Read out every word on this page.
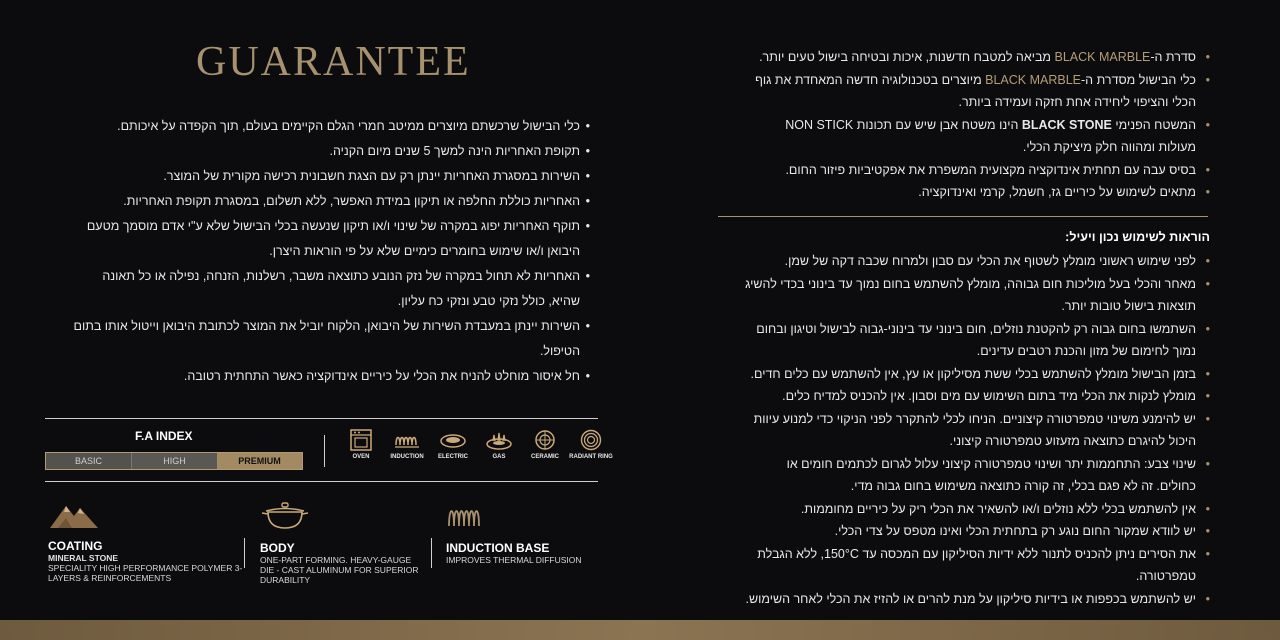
GUARANTEE
• כלי הבישול שרכשתם מיוצרים ממיטב חמרי הגלם הקיימים בעולם, תוך הקפדה על איכותם.
• תקופת האחריות הינה למשך 5 שנים מיום הקניה.
• השירות במסגרת האחריות יינתן רק עם הצגת חשבונית רכישה מקורית של המוצר.
• האחריות כוללת החלפה או תיקון במידת האפשר, ללא תשלום, במסגרת תקופת האחריות.
• תוקף האחריות יפוג במקרה של שינוי ו/או תיקון שנעשה בכלי הבישול שלא ע"י אדם מוסמך מטעם היבואן ו/או שימוש בחומרים כימיים שלא על פי הוראות היצרן.
• האחריות לא תחול במקרה של נזק הנובע כתוצאה משבר, רשלנות, הזנחה, נפילה או כל תאונה שהיא, כולל נזקי טבע ונזקי כח עליון.
• השירות יינתן במעבדת השירות של היבואן, הלקוח יוביל את המוצר לכתובת היבואן וייטול אותו בתום הטיפול.
• חל איסור מוחלט להניח את הכלי על כיריים אינדוקציה כאשר התחתית רטובה.
F.A INDEX
BASIC	HIGH	PREMIUM	OVEN	INDUCTION	ELECTRIC	GAS	CERAMIC	RADIANT RING
COATING
MINERAL STONE
SPECIALITY HIGH PERFORMANCE POLYMER 3-LAYERS & REINFORCEMENTS
BODY
ONE-PART FORMING. HEAVY-GAUGE DIE - CAST ALUMINUM FOR SUPERIOR DURABILITY
INDUCTION BASE
IMPROVES THERMAL DIFFUSION
• סדרת ה-BLACK MARBLE מביאה למטבח חדשנות, איכות ובטיחה בישול טעים יותר.
• כלי הבישול מסדרת ה-BLACK MARBLE מיוצרים בטכנולוגיה חדשה המאחדת את גוף הכלי והציפוי ליחידה אחת חזקה ועמידה ביותר.
• המשטח הפנימי BLACK STONE הינו משטח אבן שיש עם תכונות NON STICK מעולות ומהווה חלק מיציקת הכלי.
• בסיס עבה עם תחתית אינדוקציה מקצועית המשפרת את אפקטיביות פיזור החום.
• מתאים לשימוש על כיריים גז, חשמל, קרמי ואינדוקציה.
הוראות לשימוש נכון ויעיל:
• לפני שימוש ראשוני מומלץ לשטוף את הכלי עם סבון ולמרוח שכבה דקה של שמן.
• מאחר והכלי בעל מוליכות חום גבוהה, מומלץ להשתמש בחום נמוך עד בינוני בכדי להשיג תוצאות בישול טובות יותר.
• השתמשו בחום גבוה רק להקטנת נוזלים, חום בינוני עד בינוני-גבוה לבישול וטיגון ובחום נמוך לחימום של מזון והכנת רטבים עדינים.
• בזמן הבישול מומלץ להשתמש בכלי ששת מסיליקון או עץ, אין להשתמש עם כלים חדים.
• מומלץ לנקות את הכלי מיד בתום השימוש עם מים וסבון. אין להכניס למדיח כלים.
• יש להימנע משינוי טמפרטורה קיצוניים. הניחו לכלי להתקרר לפני הניקוי כדי למנוע עיוות היכול להיגרם כתוצאה מזעזוע טמפרטורה קיצוני.
• שינוי צבע: התחממות יתר ושינוי טמפרטורה קיצוני עלול לגרום לכתמים חומים או כחולים. זה לא פגם בכלי, זה קורה כתוצאה משימוש בחום גבוה מדי.
• אין להשתמש בכלי ללא נוזלים ו/או להשאיר את הכלי ריק על כיריים מחוממות.
• יש לוודא שמקור החום נוגע רק בתחתית הכלי ואינו מטפס על צדי הכלי.
• את הסירים ניתן להכניס לתנור ללא ידיות הסיליקון עם המכסה עד 150°C, ללא הגבלת טמפרטורה.
• יש להשתמש בכפפות או בידיות סיליקון על מנת להרים או להזיז את הכלי לאחר השימוש.
